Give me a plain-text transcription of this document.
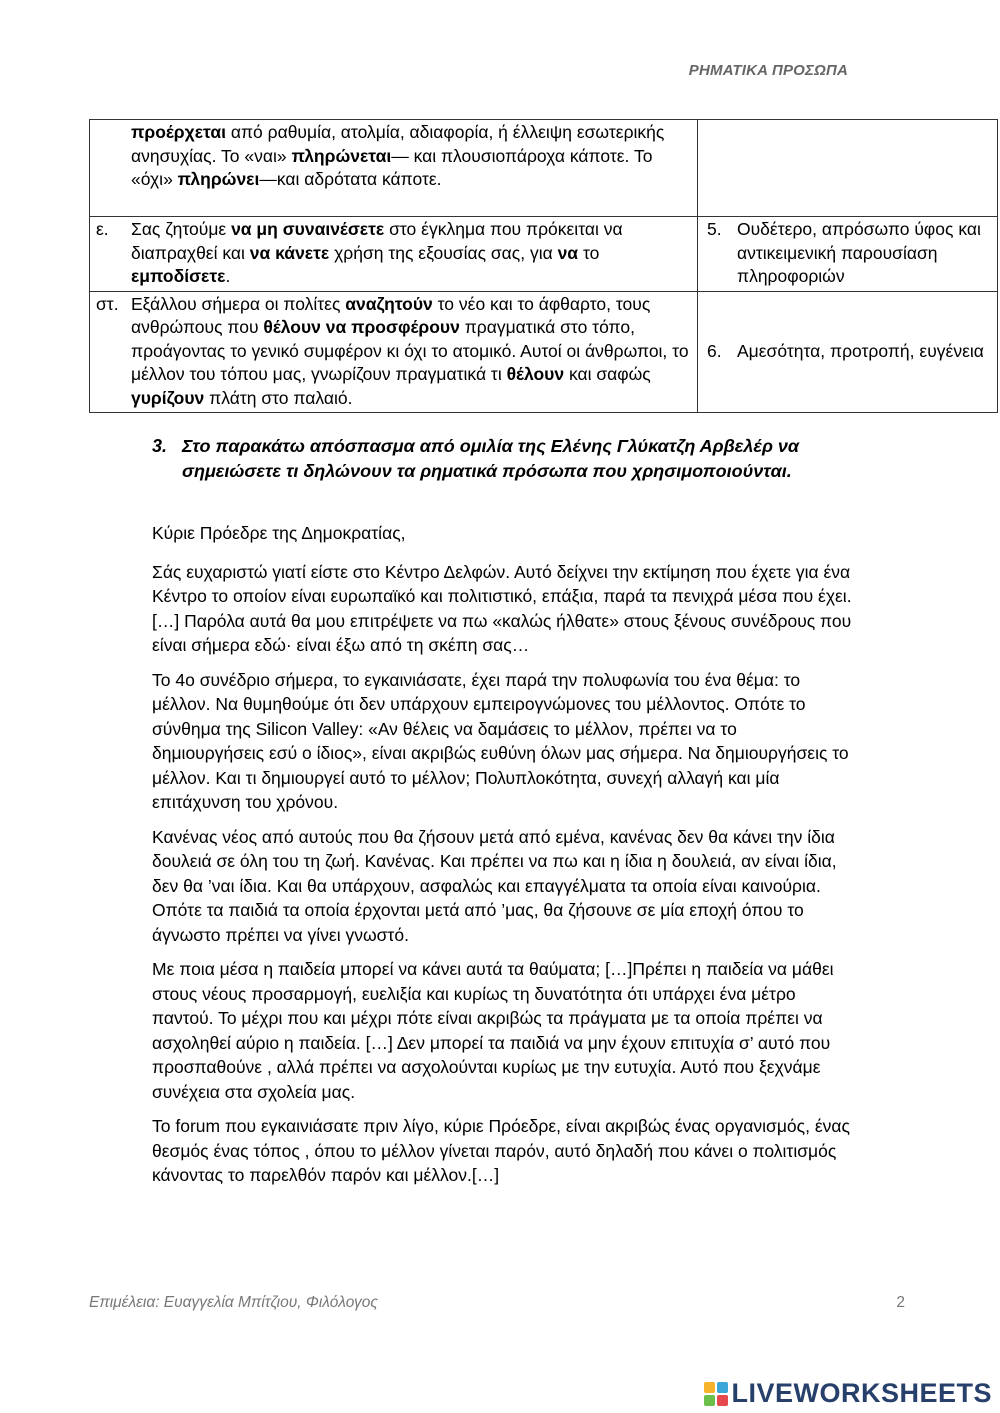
ΡΗΜΑΤΙΚΑ ΠΡΟΣΩΠΑ
προέρχεται από ραθυμία, ατολμία, αδιαφορία, ή έλλειψη εσωτερικής ανησυχίας. Το «ναι» πληρώνεται— και πλουσιοπάροχα κάποτε. Το «όχι» πληρώνει—και αδρότατα κάποτε.	

ε. Σας ζητούμε να μη συναινέσετε στο έγκλημα που πρόκειται να διαπραχθεί και να κάνετε χρήση της εξουσίας σας, για να το εμποδίσετε.	5. Ουδέτερο, απρόσωπο ύφος και αντικειμενική παρουσίαση πληροφοριών

στ. Εξάλλου σήμερα οι πολίτες αναζητούν το νέο και το άφθαρτο, τους ανθρώπους που θέλουν να προσφέρουν πραγματικά στο τόπο, προάγοντας το γενικό συμφέρον κι όχι το ατομικό. Αυτοί οι άνθρωποι, το μέλλον του τόπου μας, γνωρίζουν πραγματικά τι θέλουν και σαφώς γυρίζουν πλάτη στο παλαιό.	6. Αμεσότητα, προτροπή, ευγένεια
3. Στο παρακάτω απόσπασμα από ομιλία της Ελένης Γλύκατζη Αρβελέρ να σημειώσετε τι δηλώνουν τα ρηματικά πρόσωπα που χρησιμοποιούνται.

Κύριε Πρόεδρε της Δημοκρατίας,

Σάς ευχαριστώ γιατί είστε στο Κέντρο Δελφών. Αυτό δείχνει την εκτίμηση που έχετε για ένα Κέντρο το οποίον είναι ευρωπαϊκό και πολιτιστικό, επάξια, παρά τα πενιχρά μέσα που έχει.[…] Παρόλα αυτά θα μου επιτρέψετε να πω «καλώς ήλθατε» στους ξένους συνέδρους που είναι σήμερα εδώ· είναι έξω από τη σκέπη σας…

Το 4ο συνέδριο σήμερα, το εγκαινιάσατε, έχει παρά την πολυφωνία του ένα θέμα: το μέλλον. Να θυμηθούμε ότι δεν υπάρχουν εμπειρογνώμονες του μέλλοντος. Οπότε το σύνθημα της Silicon Valley: «Αν θέλεις να δαμάσεις το μέλλον, πρέπει να το δημιουργήσεις εσύ ο ίδιος», είναι ακριβώς ευθύνη όλων μας σήμερα. Να δημιουργήσεις το μέλλον. Και τι δημιουργεί αυτό το μέλλον; Πολυπλοκότητα, συνεχή αλλαγή και μία επιτάχυνση του χρόνου.

Κανένας νέος από αυτούς που θα ζήσουν μετά από εμένα, κανένας δεν θα κάνει την ίδια δουλειά σε όλη του τη ζωή. Κανένας. Και πρέπει να πω και η ίδια η δουλειά, αν είναι ίδια, δεν θα ’ναι ίδια. Και θα υπάρχουν, ασφαλώς και επαγγέλματα τα οποία είναι καινούρια. Οπότε τα παιδιά τα οποία έρχονται μετά από ’μας, θα ζήσουνε σε μία εποχή όπου το άγνωστο πρέπει να γίνει γνωστό.

Με ποια μέσα η παιδεία μπορεί να κάνει αυτά τα θαύματα; […]Πρέπει η παιδεία να μάθει στους νέους προσαρμογή, ευελιξία και κυρίως τη δυνατότητα ότι υπάρχει ένα μέτρο παντού. Το μέχρι που και μέχρι πότε είναι ακριβώς τα πράγματα με τα οποία πρέπει να ασχοληθεί αύριο η παιδεία. […] Δεν μπορεί τα παιδιά να μην έχουν επιτυχία σ’ αυτό που προσπαθούνε , αλλά πρέπει να ασχολούνται κυρίως με την ευτυχία. Αυτό που ξεχνάμε συνέχεια στα σχολεία μας.

Το forum που εγκαινιάσατε πριν λίγο, κύριε Πρόεδρε, είναι ακριβώς ένας οργανισμός, ένας θεσμός ένας τόπος , όπου το μέλλον γίνεται παρόν, αυτό δηλαδή που κάνει ο πολιτισμός κάνοντας το παρελθόν παρόν και μέλλον.[…]

Επιμέλεια: Ευαγγελία Μπίτζιου, Φιλόλογος	2
LIVEWORKSHEETS
